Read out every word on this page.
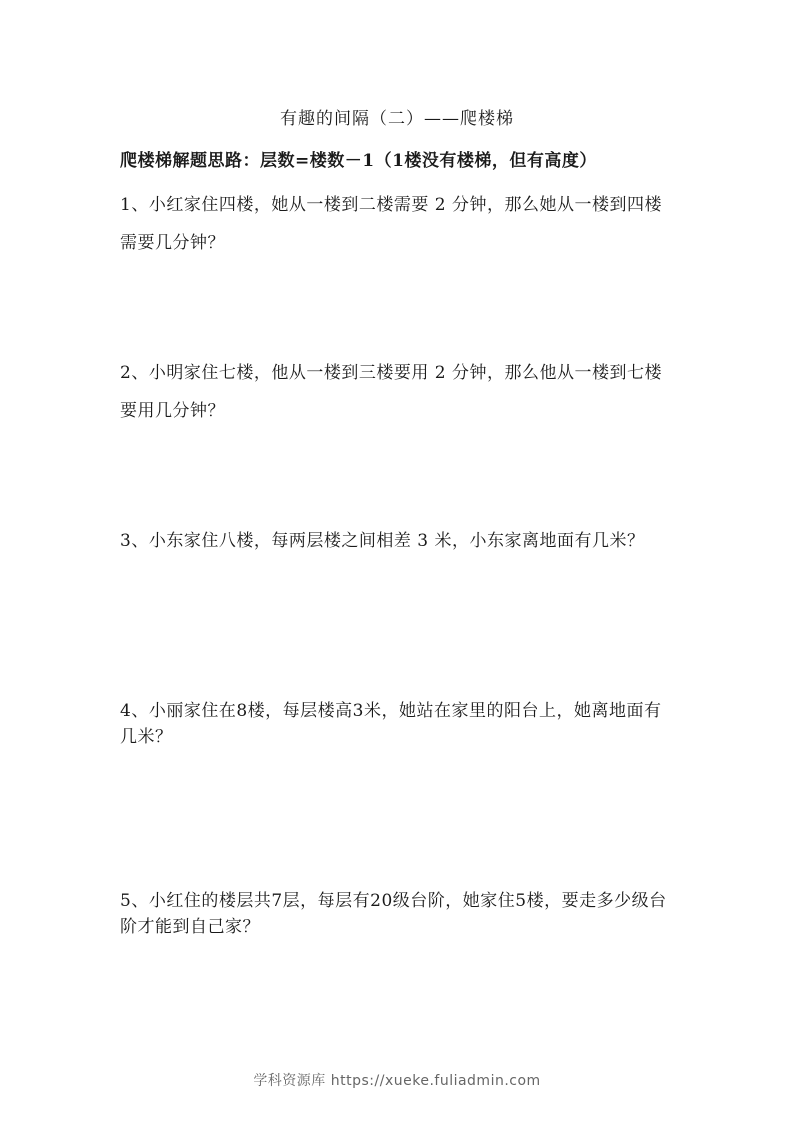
有趣的间隔（二）——爬楼梯
爬楼梯解题思路：层数=楼数－1（1楼没有楼梯，但有高度）
1、小红家住四楼，她从一楼到二楼需要 2 分钟，那么她从一楼到四楼
需要几分钟？
2、小明家住七楼，他从一楼到三楼要用 2 分钟，那么他从一楼到七楼
要用几分钟？
3、小东家住八楼，每两层楼之间相差 3 米，小东家离地面有几米？
4、小丽家住在8楼，每层楼高3米，她站在家里的阳台上，她离地面有
几米？
5、小红住的楼层共7层，每层有20级台阶，她家住5楼，要走多少级台
阶才能到自己家？
学科资源库 https://xueke.fuliadmin.com
